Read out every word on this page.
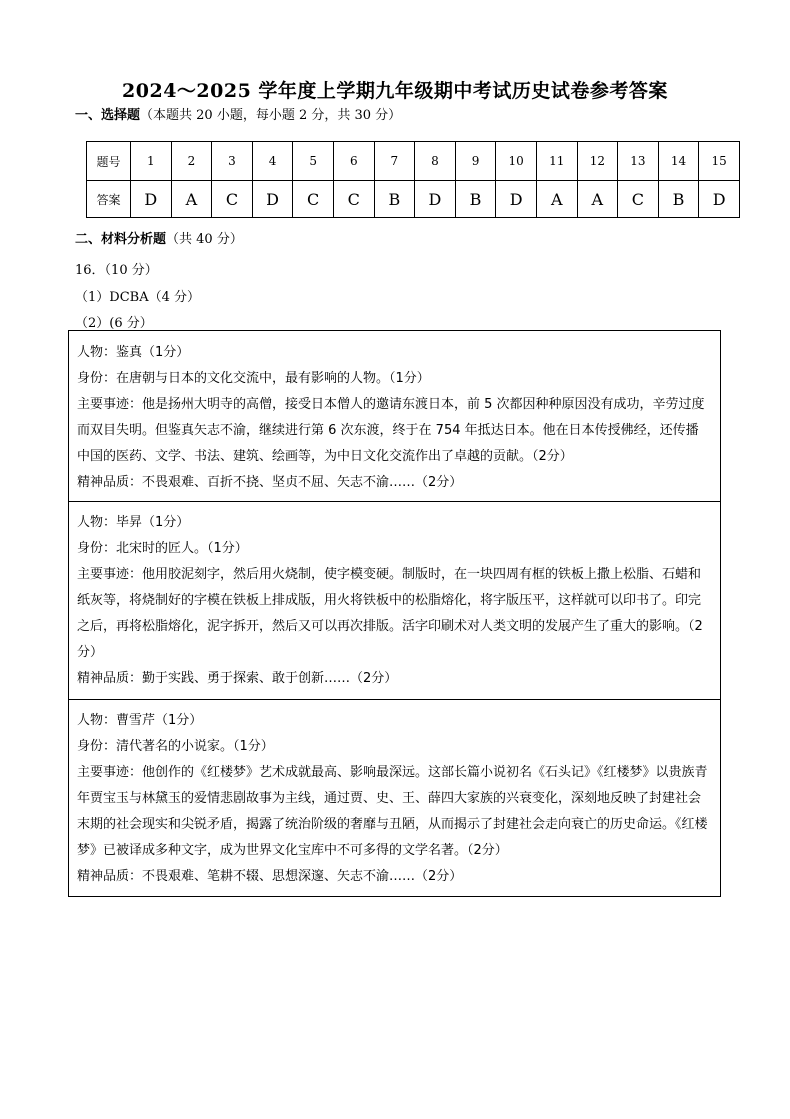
2024～2025 学年度上学期九年级期中考试历史试卷参考答案
一、选择题（本题共 20 小题，每小题 2 分，共 30 分）
题号	1	2	3	4	5	6	7	8	9	10	11	12	13	14	15
答案	D	A	C	D	C	C	B	D	B	D	A	A	C	B	D
二、材料分析题（共 40 分）
16．（10 分）
（1）DCBA（4 分）
（2）(6 分）

人物：鉴真（1分）

身份：在唐朝与日本的文化交流中，最有影响的人物。（1分）

主要事迹：他是扬州大明寺的高僧，接受日本僧人的邀请东渡日本，前 5 次都因种种原因没有成功，辛劳过度而双目失明。但鉴真矢志不渝，继续进行第 6 次东渡，终于在 754 年抵达日本。他在日本传授佛经，还传播中国的医药、文学、书法、建筑、绘画等，为中日文化交流作出了卓越的贡献。（2分）

精神品质：不畏艰难、百折不挠、坚贞不屈、矢志不渝……（2分）

人物：毕昇（1分）

身份：北宋时的匠人。（1分）

主要事迹：他用胶泥刻字，然后用火烧制，使字模变硬。制版时，在一块四周有框的铁板上撒上松脂、石蜡和纸灰等，将烧制好的字模在铁板上排成版，用火将铁板中的松脂熔化，将字版压平，这样就可以印书了。印完之后，再将松脂熔化，泥字拆开，然后又可以再次排版。活字印刷术对人类文明的发展产生了重大的影响。（2分）

精神品质：勤于实践、勇于探索、敢于创新……（2分）

人物：曹雪芹（1分）

身份：清代著名的小说家。（1分）

主要事迹：他创作的《红楼梦》艺术成就最高、影响最深远。这部长篇小说初名《石头记》《红楼梦》以贵族青年贾宝玉与林黛玉的爱情悲剧故事为主线，通过贾、史、王、薛四大家族的兴衰变化，深刻地反映了封建社会末期的社会现实和尖锐矛盾，揭露了统治阶级的奢靡与丑陋，从而揭示了封建社会走向衰亡的历史命运。《红楼梦》已被译成多种文字，成为世界文化宝库中不可多得的文学名著。（2分）

精神品质：不畏艰难、笔耕不辍、思想深邃、矢志不渝……（2分）
